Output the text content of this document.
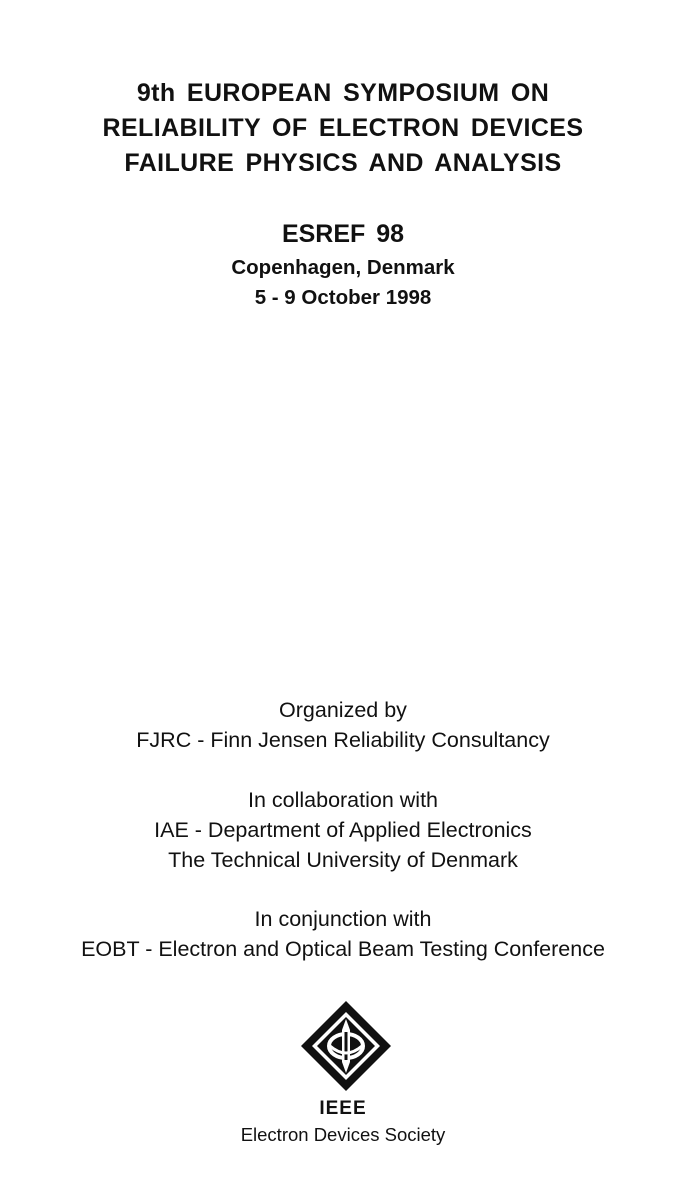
9th EUROPEAN SYMPOSIUM ON
RELIABILITY OF ELECTRON DEVICES
FAILURE PHYSICS AND ANALYSIS
ESREF 98
Copenhagen, Denmark
5 - 9 October 1998
Organized by
FJRC - Finn Jensen Reliability Consultancy
In collaboration with
IAE - Department of Applied Electronics
The Technical University of Denmark
In conjunction with
EOBT - Electron and Optical Beam Testing Conference
IEEE
Electron Devices Society
